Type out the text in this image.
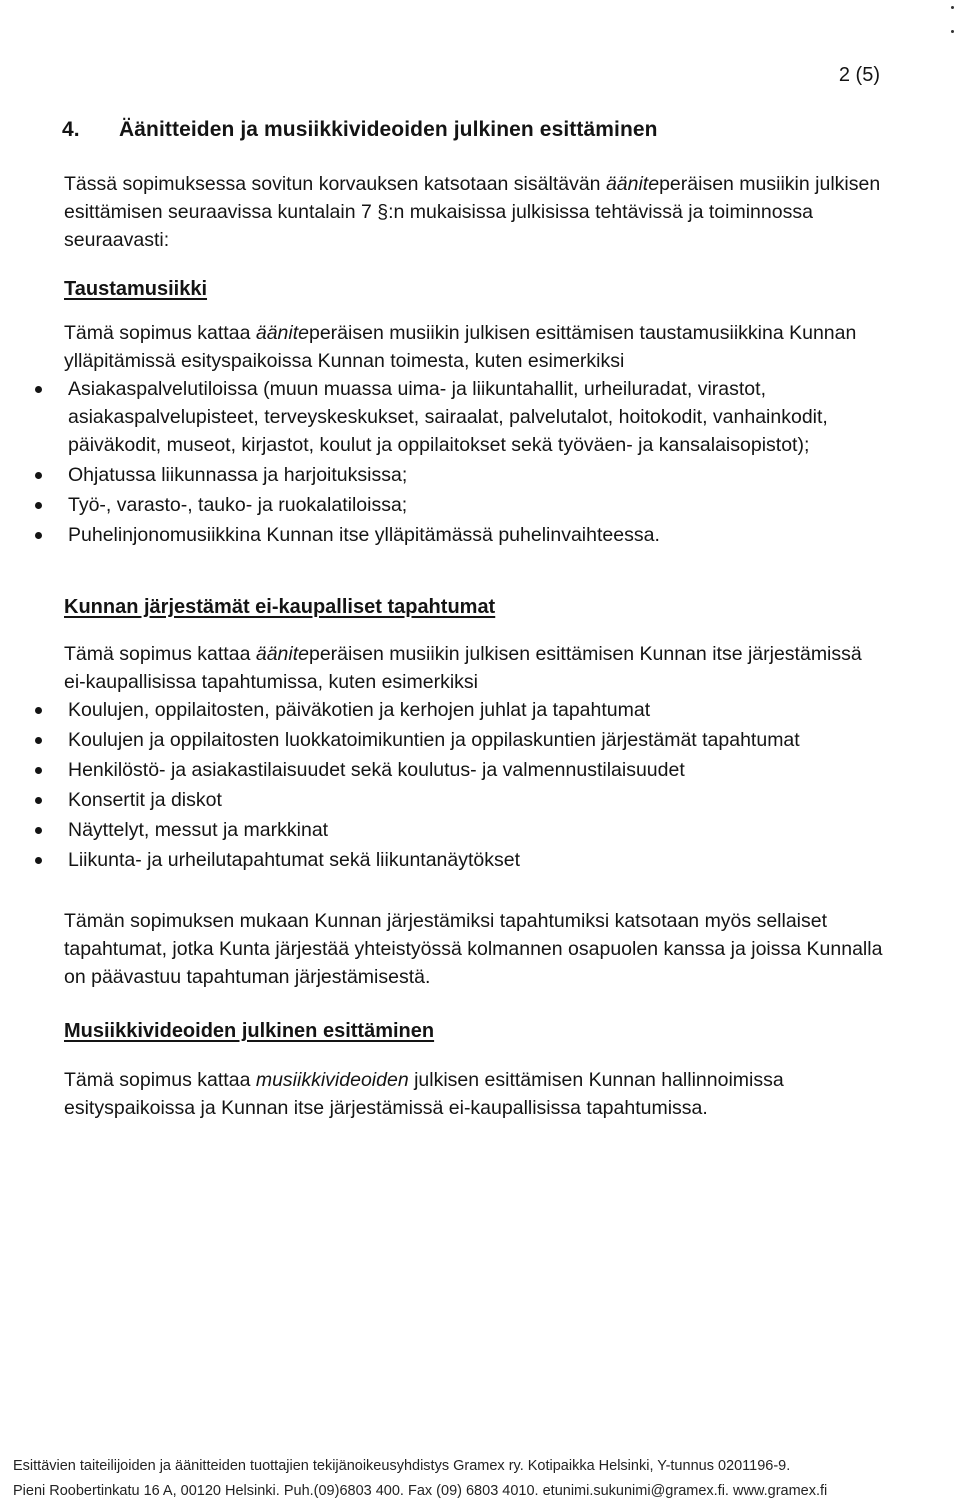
2 (5)
4. Äänitteiden ja musiikkivideoiden julkinen esittäminen
Tässä sopimuksessa sovitun korvauksen katsotaan sisältävän ääniteperäisen musiikin julkisen esittämisen seuraavissa kuntalain 7 §:n mukaisissa julkisissa tehtävissä ja toiminnossa seuraavasti:
Taustamusiikki
Tämä sopimus kattaa ääniteperäisen musiikin julkisen esittämisen taustamusiikkina Kunnan ylläpitämissä esityspaikoissa Kunnan toimesta, kuten esimerkiksi
Asiakaspalvelutiloissa (muun muassa uima- ja liikuntahallit, urheiluradat, virastot, asiakaspalvelupisteet, terveyskeskukset, sairaalat, palvelutalot, hoitokodit, vanhainkodit, päiväkodit, museot, kirjastot, koulut ja oppilaitokset sekä työväen- ja kansalaisopistot);
Ohjatussa liikunnassa ja harjoituksissa;
Työ-, varasto-, tauko- ja ruokalatiloissa;
Puhelinjonomusiikkina Kunnan itse ylläpitämässä puhelinvaihteessa.
Kunnan järjestämät ei-kaupalliset tapahtumat
Tämä sopimus kattaa ääniteperäisen musiikin julkisen esittämisen Kunnan itse järjestämissä ei-kaupallisissa tapahtumissa, kuten esimerkiksi
Koulujen, oppilaitosten, päiväkotien ja kerhojen juhlat ja tapahtumat
Koulujen ja oppilaitosten luokkatoimikuntien ja oppilaskuntien järjestämät tapahtumat
Henkilöstö- ja asiakastilaisuudet sekä koulutus- ja valmennustilaisuudet
Konsertit ja diskot
Näyttelyt, messut ja markkinat
Liikunta- ja urheilutapahtumat sekä liikuntanäytökset
Tämän sopimuksen mukaan Kunnan järjestämiksi tapahtumiksi katsotaan myös sellaiset tapahtumat, jotka Kunta järjestää yhteistyössä kolmannen osapuolen kanssa ja joissa Kunnalla on päävastuu tapahtuman järjestämisestä.
Musiikkivideoiden julkinen esittäminen
Tämä sopimus kattaa musiikkivideoiden julkisen esittämisen Kunnan hallinnoimissa esityspaikoissa ja Kunnan itse järjestämissä ei-kaupallisissa tapahtumissa.
Esittävien taiteilijoiden ja äänitteiden tuottajien tekijänoikeusyhdistys Gramex ry. Kotipaikka Helsinki, Y-tunnus 0201196-9.
Pieni Roobertinkatu 16 A, 00120 Helsinki. Puh.(09)6803 400. Fax (09) 6803 4010. etunimi.sukunimi@gramex.fi. www.gramex.fi
